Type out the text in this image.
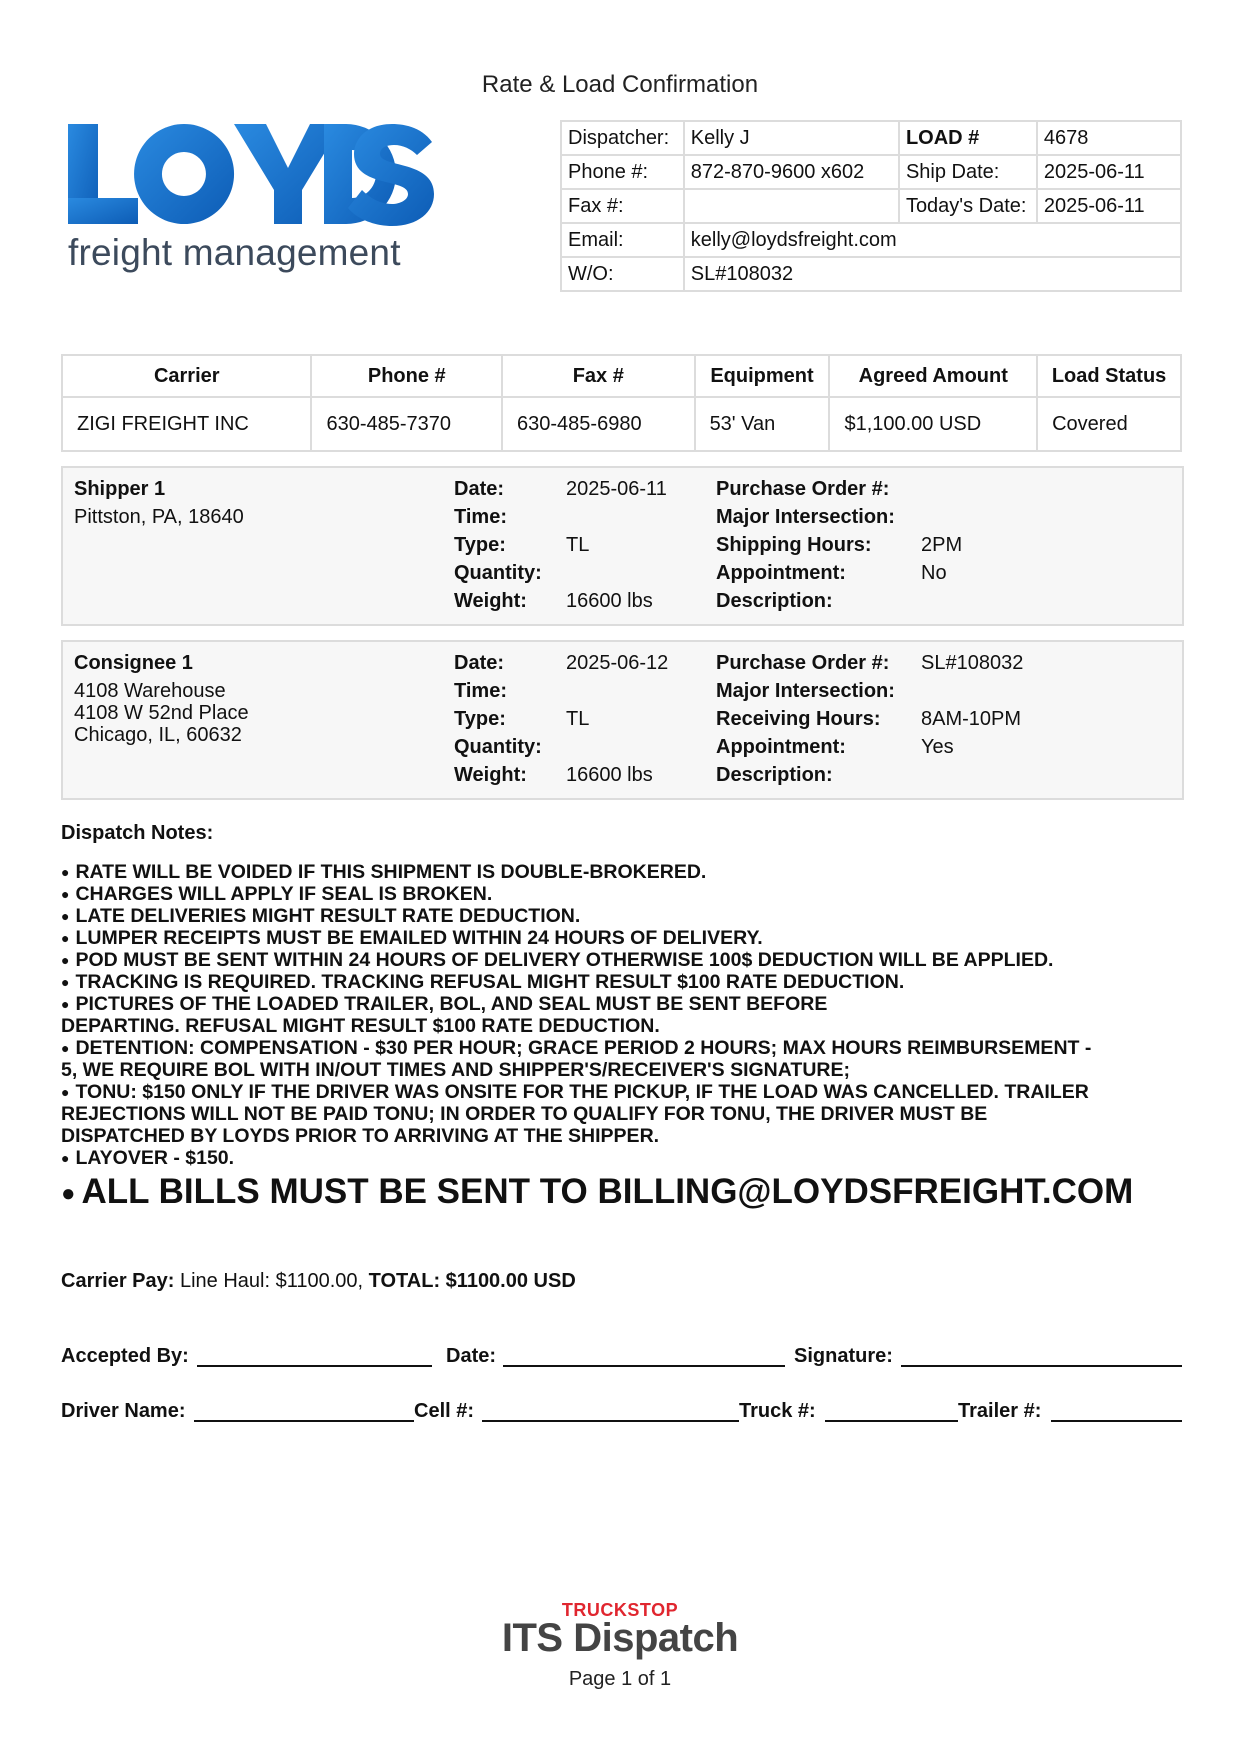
Rate & Load Confirmation
freight management
Dispatcher:	Kelly J	LOAD #	4678
Phone #:	872-870-9600 x602	Ship Date:	2025-06-11
Fax #:		Today's Date:	2025-06-11
Email:	kelly@loydsfreight.com		
W/O:	SL#108032		
Carrier	Phone #	Fax #	Equipment	Agreed Amount	Load Status
ZIGI FREIGHT INC	630-485-7370	630-485-6980	53' Van	$1,100.00 USD	Covered
Shipper 1
Pittston, PA, 18640
Date:	2025-06-11
Time:
Type:	TL
Quantity:
Weight: 16600 lbs
Purchase Order #:
Major Intersection:
Shipping Hours: 2PM
Appointment:	No
Description:
Consignee 1
4108 Warehouse
4108 W 52nd Place
Chicago, IL, 60632
Date:	2025-06-12
Time:
Type:	TL
Quantity:
Weight: 16600 lbs
Purchase Order #: SL#108032
Major Intersection:
Receiving Hours: 8AM-10PM
Appointment:	Yes
Description:
Dispatch Notes:
● RATE WILL BE VOIDED IF THIS SHIPMENT IS DOUBLE-BROKERED.
● CHARGES WILL APPLY IF SEAL IS BROKEN.
● LATE DELIVERIES MIGHT RESULT RATE DEDUCTION.
● LUMPER RECEIPTS MUST BE EMAILED WITHIN 24 HOURS OF DELIVERY.
● POD MUST BE SENT WITHIN 24 HOURS OF DELIVERY OTHERWISE 100$ DEDUCTION WILL BE APPLIED.
● TRACKING IS REQUIRED. TRACKING REFUSAL MIGHT RESULT $100 RATE DEDUCTION.
● PICTURES OF THE LOADED TRAILER, BOL, AND SEAL MUST BE SENT BEFORE
DEPARTING. REFUSAL MIGHT RESULT $100 RATE DEDUCTION.
● DETENTION: COMPENSATION - $30 PER HOUR; GRACE PERIOD 2 HOURS; MAX HOURS REIMBURSEMENT -
5, WE REQUIRE BOL WITH IN/OUT TIMES AND SHIPPER'S/RECEIVER'S SIGNATURE;
● TONU: $150 ONLY IF THE DRIVER WAS ONSITE FOR THE PICKUP, IF THE LOAD WAS CANCELLED. TRAILER
REJECTIONS WILL NOT BE PAID TONU; IN ORDER TO QUALIFY FOR TONU, THE DRIVER MUST BE
DISPATCHED BY LOYDS PRIOR TO ARRIVING AT THE SHIPPER.
● LAYOVER - $150.
● ALL BILLS MUST BE SENT TO BILLING@LOYDSFREIGHT.COM
Carrier Pay: Line Haul: $1100.00, TOTAL: $1100.00 USD
Accepted By:	Date:	Signature:
Driver Name:	Cell #:	Truck #:	Trailer #:
TRUCKSTOP
ITS Dispatch
Page 1 of 1
